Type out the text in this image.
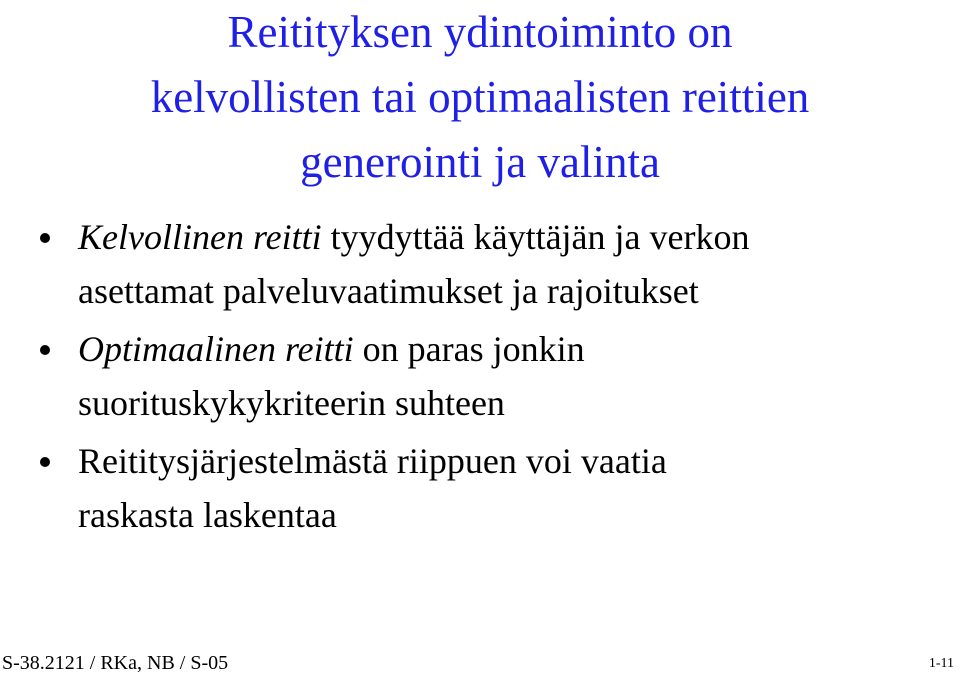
Reitityksen ydintoiminto on
kelvollisten tai optimaalisten reittien
generointi ja valinta
Kelvollinen reitti tyydyttää käyttäjän ja verkon
asettamat palveluvaatimukset ja rajoitukset
Optimaalinen reitti on paras jonkin
suorituskykykriteerin suhteen
Reititysjärjestelmästä riippuen voi vaatia
raskasta laskentaa
S-38.2121 / RKa, NB / S-05	1-11
